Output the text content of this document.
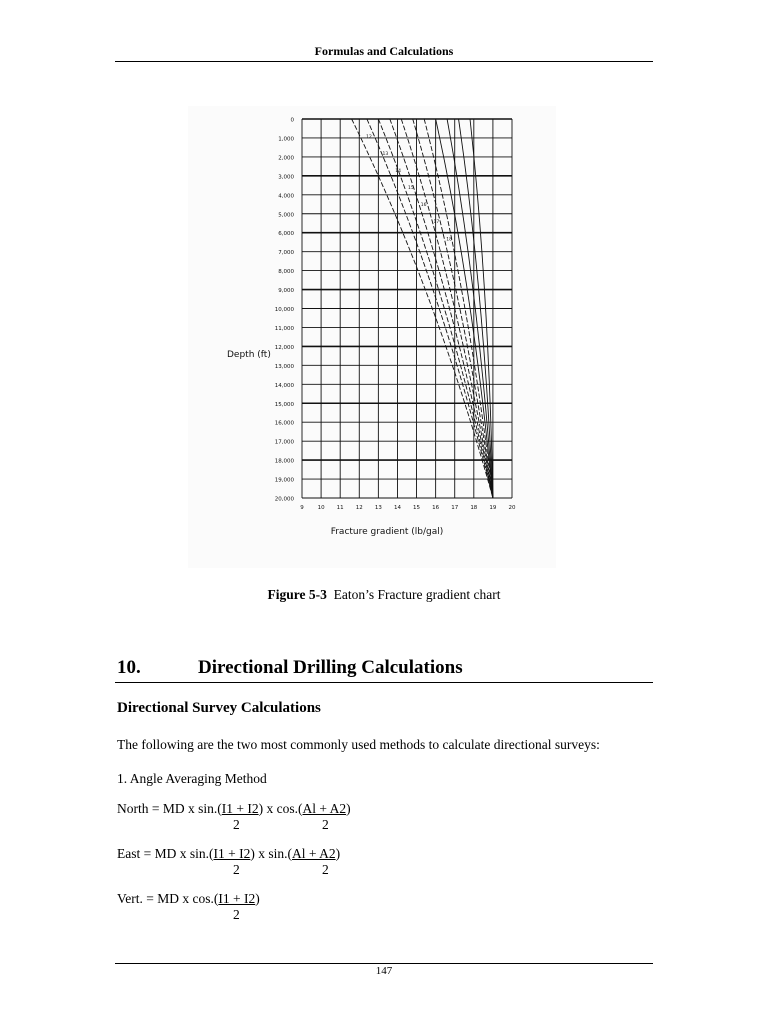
Formulas and Calculations
Depth (ft)
Fracture gradient (lb/gal)
0
1,000
2,000
3,000
4,000
5,000
6,000
7,000
8,000
9,000
10,000
11,000
12,000
13,000
14,000
15,000
16,000
17,000
18,000
19,000
20,000
9	10 11 12 13 14 15 16 17 18 19 20
12
13
14
15
16
17
18
Figure 5-3 Eaton’s Fracture gradient chart
10.	Directional Drilling Calculations
Directional Survey Calculations
The following are the two most commonly used methods to calculate directional surveys:
1. Angle Averaging Method
North = MD x sin.(I1 + I2) x cos.(Al + A2)
2	2
East = MD x sin.(I1 + I2) x sin.(Al + A2)
2	2
Vert. = MD x cos.(I1 + I2)
2
147
